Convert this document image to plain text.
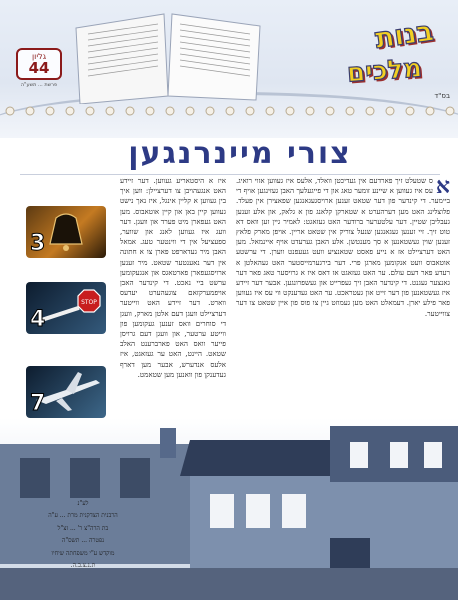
בנות
מלכים
גליון
44
פרשת ... תשע"ה
בס"ד
צורי מיינרנגען
א
ס שטעלט זיך פארדעם אין געדיכטן וואלד, אלעס איז געווען אזוי רואיג. עס איז געווען א שיינע זומער טאג און די פייגעלעך האבן געזינגען אויף די ביימער. די קינדער פון דער שטאט זענען ארויסגעגאנגען שפאצירן אין פעלד. פלוצלינג האט מען דערהערט א שטארקן קלאנג פון א גלאק, און אלע זענען געבליבן שטיין. דער עלטערער ברודער האט געזאגט: לאמיר גיין זען וואס דא טוט זיך. זיי זענען געגאנגען שנעל צוריק אין שטאט אריין. אויפן מארק פלאץ זענען שוין געשטאנען א סך מענטשן. אלע האבן גערעדט אויף איינמאל. מען האט דערציילט אז א נייע פאסט שטאנציע וועט געעפנט ווערן. די ערשטע אוטאבוס וועט אנקומען מארגן פרי. דער בירגערמייסטער האט געהאלטן א רעדע פאר דעם עולם. ער האט געזאגט אז דאס איז א גרויסער טאג פאר דער גאנצער געגנט. די קינדער האבן זיך געפרייט און געשפרונגען. אבער דער זיידע איז געשטאנען פון דער זייט און געטראכט. ער האט געדענקט ווי עס איז געווען פאר פילע יארן. דעמאלט האט מען געמוזט גיין צו פוס פון איין שטאט צו דער צווייטער.
איז א היסטאריע געווען. דער זיידע האט אנגעהויבן צו דערציילן: ווען איך בין געווען א קליין אינגל, איז נאך נישט געווען קיין באן און קיין אוטאבוס. מען האט געפארן מיט פערד און וועגן. דער וועג איז געווען לאנג און שווער, ספעציעל אין די ווינטער טעג. אמאל האבן מיר געדארפט פארן צו א חתונה אין דער נאענטער שטאט. מיר זענען ארויסגעפארן פארטאגס און אנגעקומען ערשט ביי נאכט. די קינדער האבן אויפמערקזאם צוגעהערט יעדעס ווארט. דער זיידע האט ווייטער דערציילט וועגן דעם אלטן מארק, וועגן די סוחרים וואס זענען געקומען פון ווייטע ערטער, און וועגן דעם גרויסן פייער וואס האט פארברענט האלב שטאט. היינט, האט ער געזאגט, איז אלעס אנדערש, אבער מען דארף געדענקן פון וואנען מען שטאמט.
3
STOP
4
7

לע"נ

הרבנית הצדקנית מרת ... ע"ה

בת הרה"צ ר' ... זצ"ל

נפטרה ... תשס"ה

מוקדש ע"י משפחתה שיחיו

ת.נ.צ.ב.ה.
